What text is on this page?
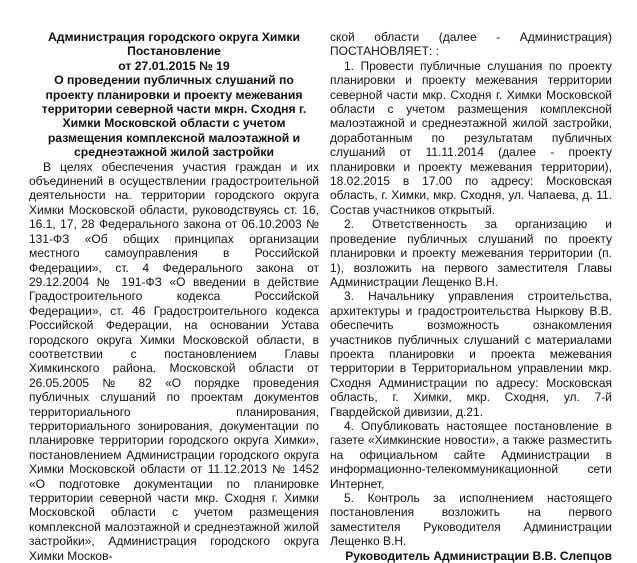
Администрация городского округа Химки

Постановление

от 27.01.2015 № 19

О проведении публичных слушаний по проекту планировки и проекту межевания территории северной части мкрн. Сходня г. Химки Московской области с учетом размещения комплексной малоэтажной и среднеэтажной жилой застройки

В целях обеспечения участия граждан и их объединений в осуществлении градостроительной деятельности на. территории городского округа Химки Московской области, руководствуясь ст. 16, 16.1, 17, 28 Федерального закона от 06.10.2003 № 131-ФЗ «Об общих принципах организации местного самоуправления в Российской Федерации», ст. 4 Федерального закона от 29.12.2004 № 191-ФЗ «О введении в действие Градостроительного кодекса Российской Федерации», ст. 46 Градостроительного кодекса Российской Федерации, на основании Устава городского округа Химки Московской области, в соответствии с постановлением Главы Химкинского района. Московской области от 26.05.2005 № 82 «О порядке проведения публичных слушаний по проектам документов территориального планирования, территориального зонирования, документации по планировке территории городского округа Химки», постановлением Администрации городского округа Химки Московской области от 11.12.2013 № 1452 «О подготовке документации по планировке территории северной части мкр. Сходня г. Химки Московской области с учетом размещения комплексной малоэтажной и среднеэтажной жилой застройки», Администрация городского округа Химки Москов-

ской области (далее - Администрация) ПОСТАНОВЛЯЕТ: :

1. Провести публичные слушания по проекту планировки и проекту межевания территории северной части мкр. Сходня г. Химки Московской области с учетом размещения комплексной малоэтажной и среднеэтажной жилой застройки, доработанным по результатам публичных слушаний от 11.11.2014 (далее - проекту планировки и проекту межевания территории), 18.02.2015 в 17.00 по адресу: Московская область, г. Химки, мкр. Сходня, ул. Чапаева, д. 11. Состав участников открытый.

2. Ответственность за организацию и проведение публичных слушаний по проекту планировки и проекту межевания территории (п. 1), возложить на первого заместителя Главы Администрации Лещенко В.Н.

3. Начальнику управления строительства, архитектуры и градостроительства Ныркову В.В. обеспечить возможность ознакомления участников публичных слушаний с материалами проекта планировки и проекта межевания территории в Территориальном управлении мкр. Сходня Администрации по адресу: Московская область, г. Химки, мкр. Сходня, ул. 7-й Гвардейской дивизии, д.21.

4. Опубликовать настоящее постановление в газете «Химкинские новости», а также разместить на официальном сайте Администрации в информационно-телекоммуникационной сети Интернет,

5. Контроль за исполнением настоящего постановления возложить на первого заместителя Руководителя Администрации Лещенко В.Н.

Руководитель Администрации В.В. Слепцов
